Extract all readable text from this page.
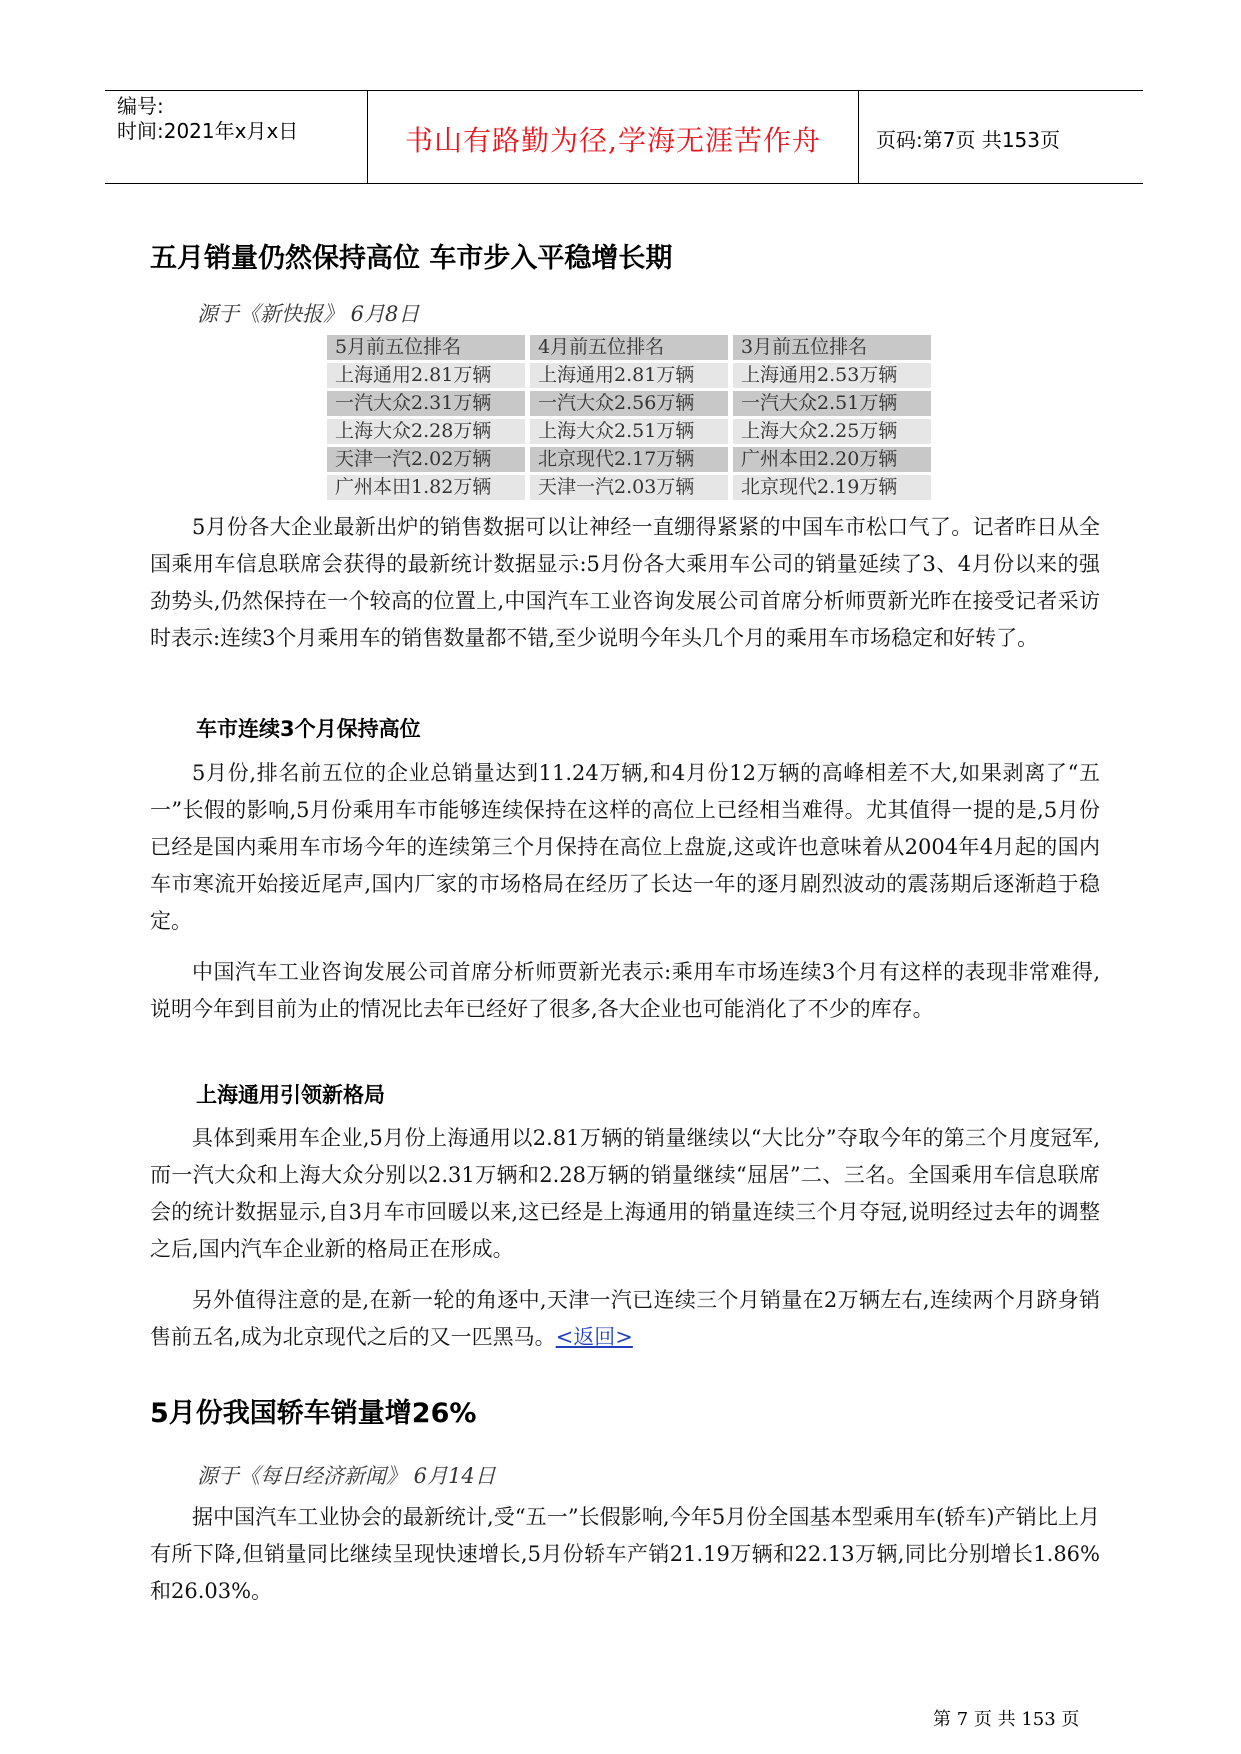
编号:
时间:2021年x月x日	书山有路勤为径,学海无涯苦作舟	页码:第7页 共153页
五月销量仍然保持高位 车市步入平稳增长期
源于《新快报》 6月8日
5月前五位排名	4月前五位排名	3月前五位排名
上海通用2.81万辆	上海通用2.81万辆	上海通用2.53万辆
一汽大众2.31万辆	一汽大众2.56万辆	一汽大众2.51万辆
上海大众2.28万辆	上海大众2.51万辆	上海大众2.25万辆
天津一汽2.02万辆	北京现代2.17万辆	广州本田2.20万辆
广州本田1.82万辆	天津一汽2.03万辆	北京现代2.19万辆
5月份各大企业最新出炉的销售数据可以让神经一直绷得紧紧的中国车市松口气了。记者昨日从全国乘用车信息联席会获得的最新统计数据显示:5月份各大乘用车公司的销量延续了3、4月份以来的强劲势头,仍然保持在一个较高的位置上,中国汽车工业咨询发展公司首席分析师贾新光昨在接受记者采访时表示:连续3个月乘用车的销售数量都不错,至少说明今年头几个月的乘用车市场稳定和好转了。
车市连续3个月保持高位
5月份,排名前五位的企业总销量达到11.24万辆,和4月份12万辆的高峰相差不大,如果剥离了“五一”长假的影响,5月份乘用车市能够连续保持在这样的高位上已经相当难得。尤其值得一提的是,5月份已经是国内乘用车市场今年的连续第三个月保持在高位上盘旋,这或许也意味着从2004年4月起的国内车市寒流开始接近尾声,国内厂家的市场格局在经历了长达一年的逐月剧烈波动的震荡期后逐渐趋于稳定。
中国汽车工业咨询发展公司首席分析师贾新光表示:乘用车市场连续3个月有这样的表现非常难得,说明今年到目前为止的情况比去年已经好了很多,各大企业也可能消化了不少的库存。
上海通用引领新格局
具体到乘用车企业,5月份上海通用以2.81万辆的销量继续以“大比分”夺取今年的第三个月度冠军,而一汽大众和上海大众分别以2.31万辆和2.28万辆的销量继续“屈居”二、三名。全国乘用车信息联席会的统计数据显示,自3月车市回暖以来,这已经是上海通用的销量连续三个月夺冠,说明经过去年的调整之后,国内汽车企业新的格局正在形成。
另外值得注意的是,在新一轮的角逐中,天津一汽已连续三个月销量在2万辆左右,连续两个月跻身销售前五名,成为北京现代之后的又一匹黑马。<返回>
5月份我国轿车销量增26%
源于《每日经济新闻》 6月14日
据中国汽车工业协会的最新统计,受“五一”长假影响,今年5月份全国基本型乘用车(轿车)产销比上月有所下降,但销量同比继续呈现快速增长,5月份轿车产销21.19万辆和22.13万辆,同比分别增长1.86%和26.03%。
第 7 页 共 153 页
